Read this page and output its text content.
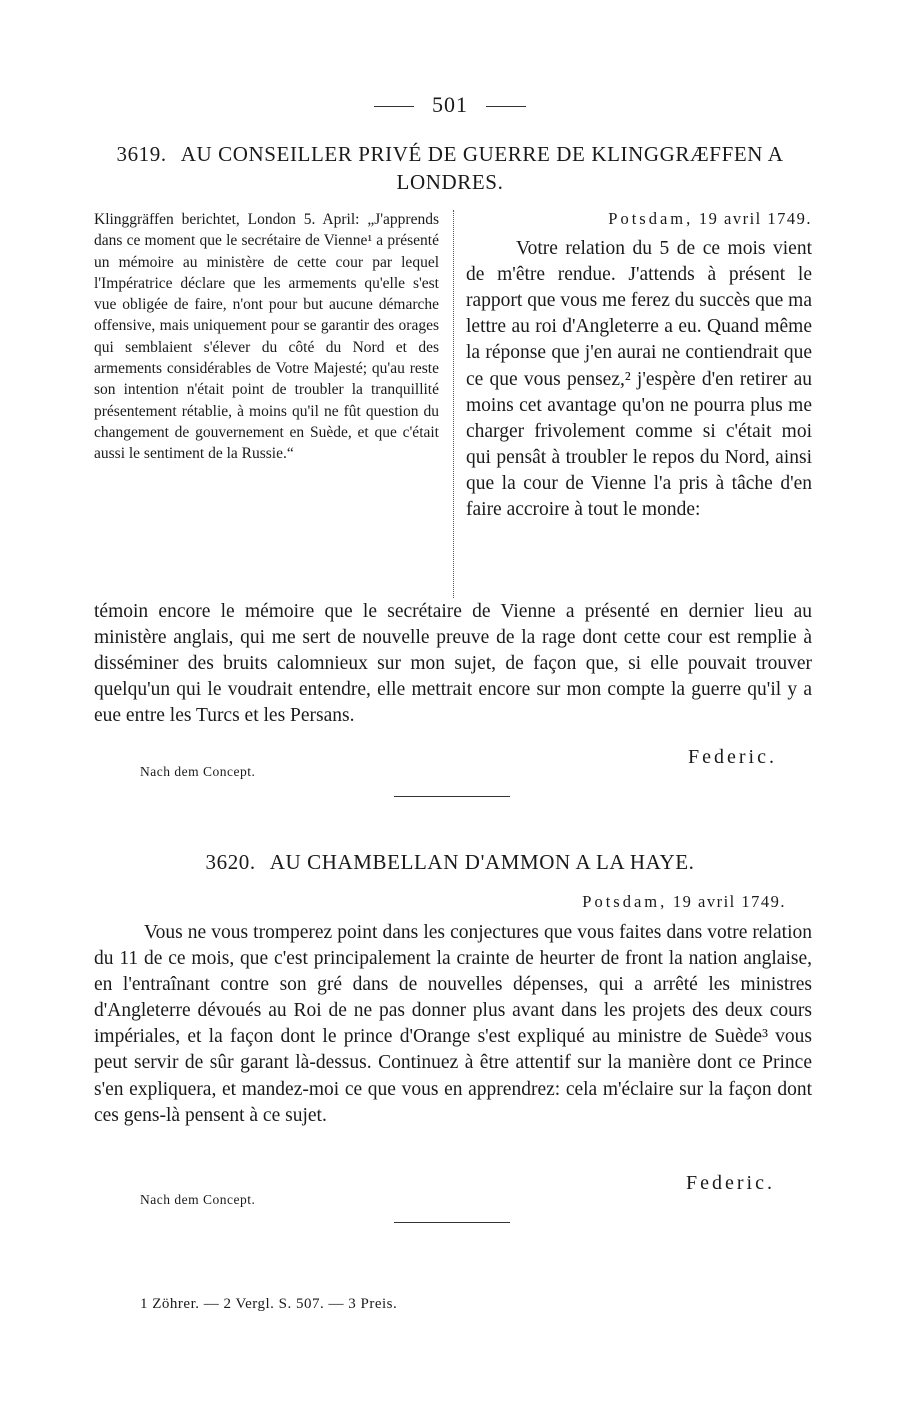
501
3619. AU CONSEILLER PRIVÉ DE GUERRE DE KLINGGRÆFFEN A LONDRES.
Klinggräffen berichtet, London 5. April: „J'apprends dans ce moment que le secrétaire de Vienne¹ a présenté un mémoire au ministère de cette cour par lequel l'Impératrice déclare que les armements qu'elle s'est vue obligée de faire, n'ont pour but aucune démarche offensive, mais uniquement pour se garantir des orages qui semblaient s'élever du côté du Nord et des armements considérables de Votre Majesté; qu'au reste son intention n'était point de troubler la tranquillité présentement rétablie, à moins qu'il ne fût question du changement de gouvernement en Suède, et que c'était aussi le sentiment de la Russie.“
Potsdam, 19 avril 1749.
Votre relation du 5 de ce mois vient de m'être rendue. J'attends à présent le rapport que vous me ferez du succès que ma lettre au roi d'Angleterre a eu. Quand même la réponse que j'en aurai ne contiendrait que ce que vous pensez,² j'espère d'en retirer au moins cet avantage qu'on ne pourra plus me charger frivolement comme si c'était moi qui pensât à troubler le repos du Nord, ainsi que la cour de Vienne l'a pris à tâche d'en faire accroire à tout le monde:
témoin encore le mémoire que le secrétaire de Vienne a présenté en dernier lieu au ministère anglais, qui me sert de nouvelle preuve de la rage dont cette cour est remplie à disséminer des bruits calomnieux sur mon sujet, de façon que, si elle pouvait trouver quelqu'un qui le voudrait entendre, elle mettrait encore sur mon compte la guerre qu'il y a eue entre les Turcs et les Persans.
Federic.
Nach dem Concept.
3620. AU CHAMBELLAN D'AMMON A LA HAYE.
Potsdam, 19 avril 1749.
Vous ne vous tromperez point dans les conjectures que vous faites dans votre relation du 11 de ce mois, que c'est principalement la crainte de heurter de front la nation anglaise, en l'entraînant contre son gré dans de nouvelles dépenses, qui a arrêté les ministres d'Angleterre dévoués au Roi de ne pas donner plus avant dans les projets des deux cours impériales, et la façon dont le prince d'Orange s'est expliqué au ministre de Suède³ vous peut servir de sûr garant là-dessus. Continuez à être attentif sur la manière dont ce Prince s'en expliquera, et mandez-moi ce que vous en apprendrez: cela m'éclaire sur la façon dont ces gens-là pensent à ce sujet.
Federic.
Nach dem Concept.
1 Zöhrer. — 2 Vergl. S. 507. — 3 Preis.
